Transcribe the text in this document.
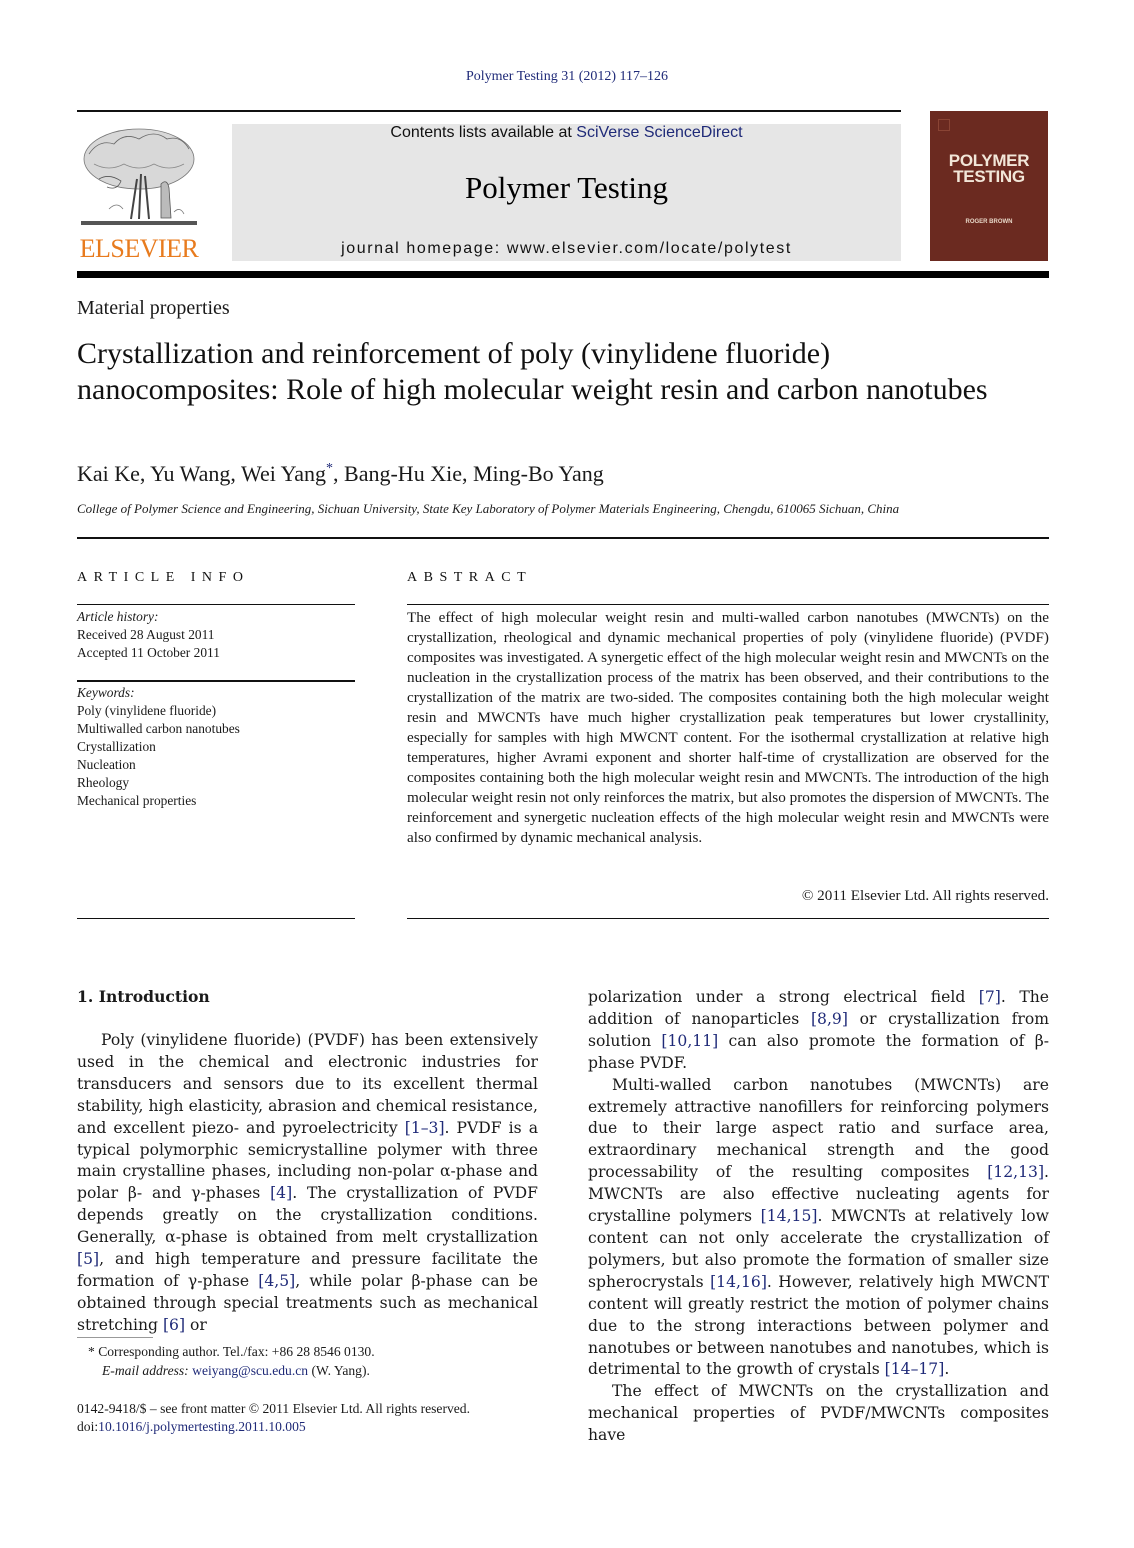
Polymer Testing 31 (2012) 117–126
ELSEVIER
Contents lists available at SciVerse ScienceDirect
Polymer Testing
journal homepage: www.elsevier.com/locate/polytest
POLYMER
TESTING
ROGER BROWN
Material properties
Crystallization and reinforcement of poly (vinylidene fluoride) nanocomposites: Role of high molecular weight resin and carbon nanotubes
Kai Ke, Yu Wang, Wei Yang*, Bang-Hu Xie, Ming-Bo Yang
College of Polymer Science and Engineering, Sichuan University, State Key Laboratory of Polymer Materials Engineering, Chengdu, 610065 Sichuan, China
ARTICLE INFO
Article history:
Received 28 August 2011
Accepted 11 October 2011
Keywords:
Poly (vinylidene fluoride)
Multiwalled carbon nanotubes
Crystallization
Nucleation
Rheology
Mechanical properties
ABSTRACT
The effect of high molecular weight resin and multi-walled carbon nanotubes (MWCNTs) on the crystallization, rheological and dynamic mechanical properties of poly (vinylidene fluoride) (PVDF) composites was investigated. A synergetic effect of the high molecular weight resin and MWCNTs on the nucleation in the crystallization process of the matrix has been observed, and their contributions to the crystallization of the matrix are two-sided. The composites containing both the high molecular weight resin and MWCNTs have much higher crystallization peak temperatures but lower crystallinity, especially for samples with high MWCNT content. For the isothermal crystallization at relative high temperatures, higher Avrami exponent and shorter half-time of crystallization are observed for the composites containing both the high molecular weight resin and MWCNTs. The introduction of the high molecular weight resin not only reinforces the matrix, but also promotes the dispersion of MWCNTs. The reinforcement and synergetic nucleation effects of the high molecular weight resin and MWCNTs were also confirmed by dynamic mechanical analysis.
© 2011 Elsevier Ltd. All rights reserved.
1. Introduction

Poly (vinylidene fluoride) (PVDF) has been extensively used in the chemical and electronic industries for transducers and sensors due to its excellent thermal stability, high elasticity, abrasion and chemical resistance, and excellent piezo- and pyroelectricity [1–3]. PVDF is a typical polymorphic semicrystalline polymer with three main crystalline phases, including non-polar α-phase and polar β- and γ-phases [4]. The crystallization of PVDF depends greatly on the crystallization conditions. Generally, α-phase is obtained from melt crystallization [5], and high temperature and pressure facilitate the formation of γ-phase [4,5], while polar β-phase can be obtained through special treatments such as mechanical stretching [6] or

polarization under a strong electrical field [7]. The addition of nanoparticles [8,9] or crystallization from solution [10,11] can also promote the formation of β-phase PVDF.

Multi-walled carbon nanotubes (MWCNTs) are extremely attractive nanofillers for reinforcing polymers due to their large aspect ratio and surface area, extraordinary mechanical strength and the good processability of the resulting composites [12,13]. MWCNTs are also effective nucleating agents for crystalline polymers [14,15]. MWCNTs at relatively low content can not only accelerate the crystallization of polymers, but also promote the formation of smaller size spherocrystals [14,16]. However, relatively high MWCNT content will greatly restrict the motion of polymer chains due to the strong interactions between polymer and nanotubes or between nanotubes and nanotubes, which is detrimental to the growth of crystals [14–17].

The effect of MWCNTs on the crystallization and mechanical properties of PVDF/MWCNTs composites have

* Corresponding author. Tel./fax: +86 28 8546 0130.
E-mail address: weiyang@scu.edu.cn (W. Yang).
0142-9418/$ – see front matter © 2011 Elsevier Ltd. All rights reserved.
doi:10.1016/j.polymertesting.2011.10.005
